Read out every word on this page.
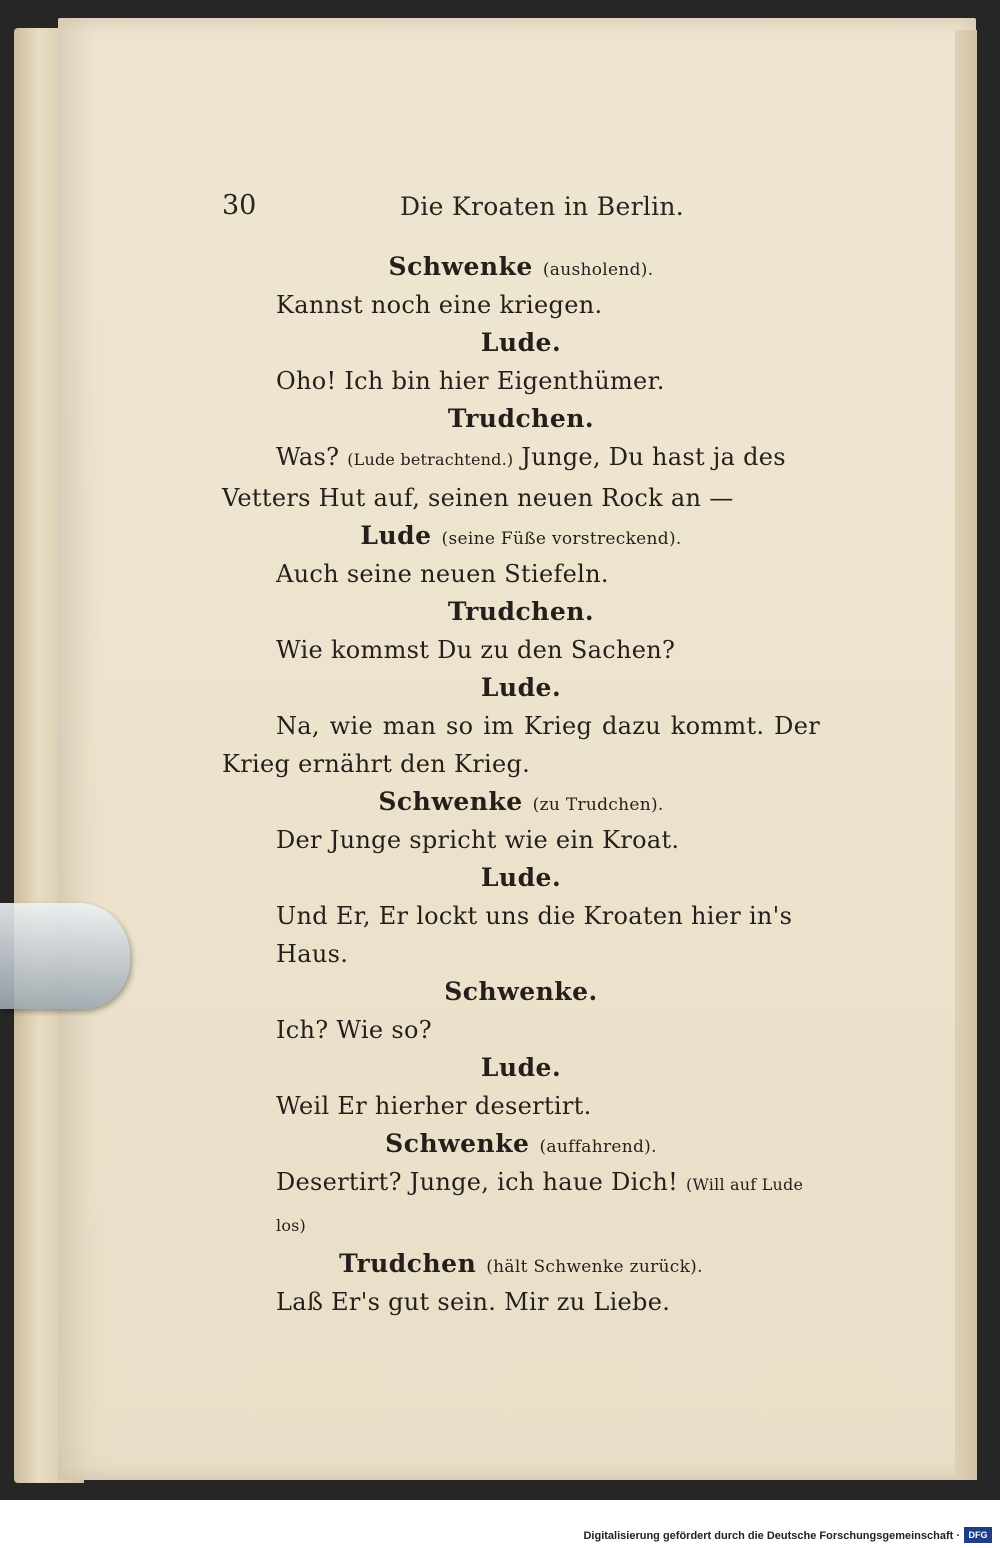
30	Die Kroaten in Berlin.
Schwenke (ausholend).
Kannst noch eine kriegen.
Lude.
Oho! Ich bin hier Eigenthümer.
Trudchen.
Was? (Lude betrachtend.) Junge, Du hast ja des
Vetters Hut auf, seinen neuen Rock an —
Lude (seine Füße vorstreckend).
Auch seine neuen Stiefeln.
Trudchen.
Wie kommst Du zu den Sachen?
Lude.
Na, wie man so im Krieg dazu kommt. Der
Krieg ernährt den Krieg.
Schwenke (zu Trudchen).
Der Junge spricht wie ein Kroat.
Lude.
Und Er, Er lockt uns die Kroaten hier in's Haus.
Schwenke.
Ich? Wie so?
Lude.
Weil Er hierher desertirt.
Schwenke (auffahrend).
Desertirt? Junge, ich haue Dich! (Will auf Lude los)
Trudchen (hält Schwenke zurück).
Laß Er's gut sein. Mir zu Liebe.
Digitalisierung gefördert durch die Deutsche Forschungsgemeinschaft · DFG
